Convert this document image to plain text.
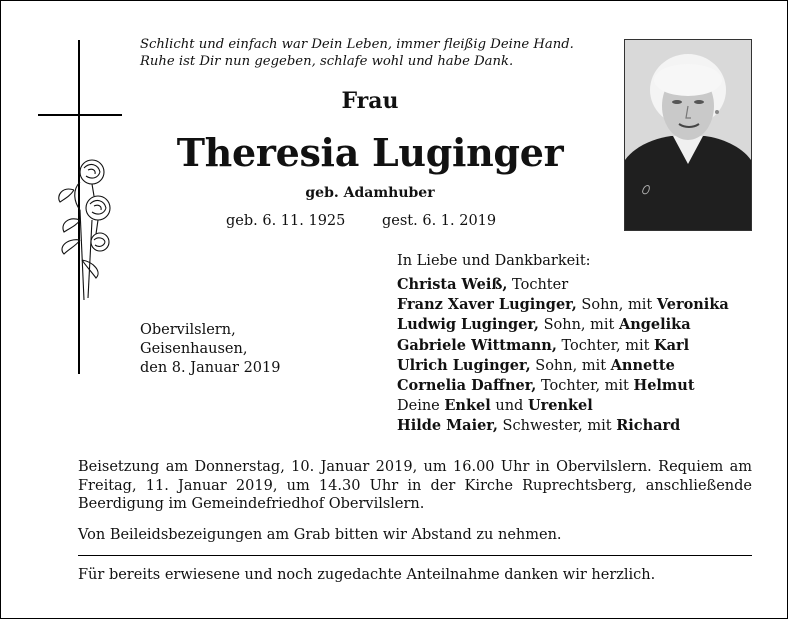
Schlicht und einfach war Dein Leben, immer fleißig Deine Hand.
Ruhe ist Dir nun gegeben, schlafe wohl und habe Dank.
Frau
Theresia Luginger
geb. Adamhuber
geb. 6. 11. 1925	gest. 6. 1. 2019
Obervilslern,
Geisenhausen,
den 8. Januar 2019
In Liebe und Dankbarkeit:
Christa Weiß, Tochter
Franz Xaver Luginger, Sohn, mit Veronika
Ludwig Luginger, Sohn, mit Angelika
Gabriele Wittmann, Tochter, mit Karl
Ulrich Luginger, Sohn, mit Annette
Cornelia Daffner, Tochter, mit Helmut
Deine Enkel und Urenkel
Hilde Maier, Schwester, mit Richard
Beisetzung am Donnerstag, 10. Januar 2019, um 16.00 Uhr in Obervilslern. Requiem am Freitag, 11. Januar 2019, um 14.30 Uhr in der Kirche Ruprechtsberg, anschließende Beerdigung im Gemeindefriedhof Obervilslern.
Von Beileidsbezeigungen am Grab bitten wir Abstand zu nehmen.
Für bereits erwiesene und noch zugedachte Anteilnahme danken wir herzlich.
